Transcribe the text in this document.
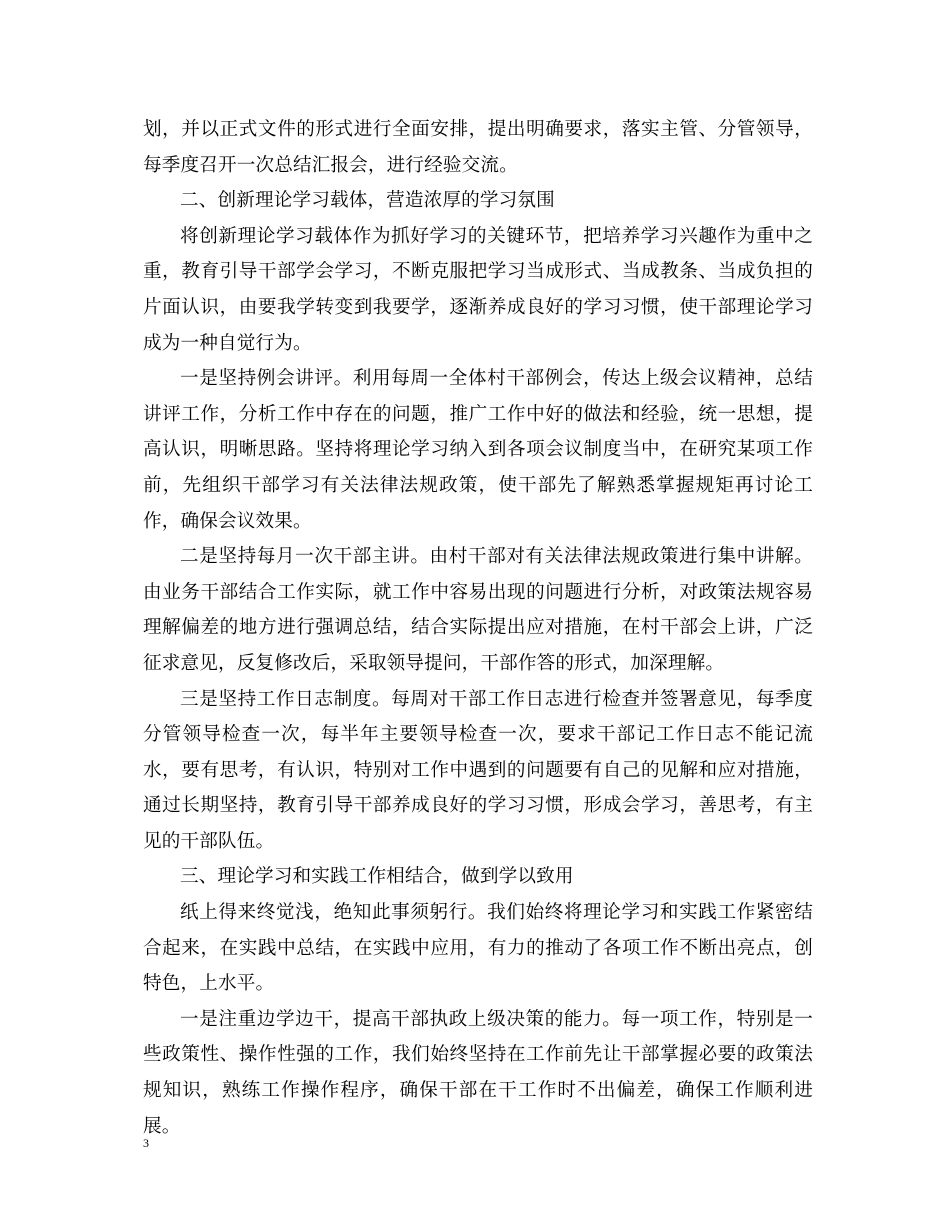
划，并以正式文件的形式进行全面安排，提出明确要求，落实主管、分管领导，每季度召开一次总结汇报会，进行经验交流。

二、创新理论学习载体，营造浓厚的学习氛围

将创新理论学习载体作为抓好学习的关键环节，把培养学习兴趣作为重中之重，教育引导干部学会学习，不断克服把学习当成形式、当成教条、当成负担的片面认识，由要我学转变到我要学，逐渐养成良好的学习习惯，使干部理论学习成为一种自觉行为。

一是坚持例会讲评。利用每周一全体村干部例会，传达上级会议精神，总结讲评工作，分析工作中存在的问题，推广工作中好的做法和经验，统一思想，提高认识，明晰思路。坚持将理论学习纳入到各项会议制度当中，在研究某项工作前，先组织干部学习有关法律法规政策，使干部先了解熟悉掌握规矩再讨论工作，确保会议效果。

二是坚持每月一次干部主讲。由村干部对有关法律法规政策进行集中讲解。由业务干部结合工作实际，就工作中容易出现的问题进行分析，对政策法规容易理解偏差的地方进行强调总结，结合实际提出应对措施，在村干部会上讲，广泛征求意见，反复修改后，采取领导提问，干部作答的形式，加深理解。

三是坚持工作日志制度。每周对干部工作日志进行检查并签署意见，每季度分管领导检查一次，每半年主要领导检查一次，要求干部记工作日志不能记流水，要有思考，有认识，特别对工作中遇到的问题要有自己的见解和应对措施，通过长期坚持，教育引导干部养成良好的学习习惯，形成会学习，善思考，有主见的干部队伍。

三、理论学习和实践工作相结合，做到学以致用

纸上得来终觉浅，绝知此事须躬行。我们始终将理论学习和实践工作紧密结合起来，在实践中总结，在实践中应用，有力的推动了各项工作不断出亮点，创特色，上水平。

一是注重边学边干，提高干部执政上级决策的能力。每一项工作，特别是一些政策性、操作性强的工作，我们始终坚持在工作前先让干部掌握必要的政策法规知识，熟练工作操作程序，确保干部在干工作时不出偏差，确保工作顺利进展。

3
